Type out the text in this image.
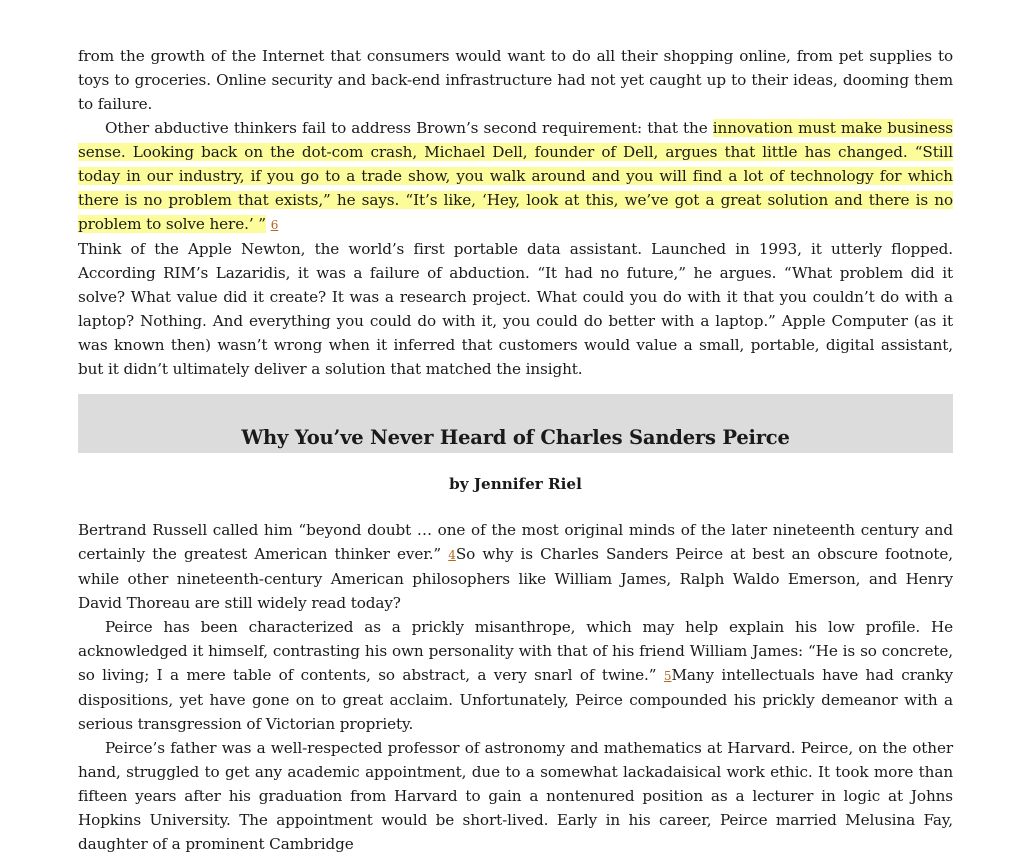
from the growth of the Internet that consumers would want to do all their shopping online, from pet supplies to toys to groceries. Online security and back-end infrastructure had not yet caught up to their ideas, dooming them to failure.

Other abductive thinkers fail to address Brown’s second requirement: that the innovation must make business sense. Looking back on the dot-com crash, Michael Dell, founder of Dell, argues that little has changed. “Still today in our industry, if you go to a trade show, you walk around and you will find a lot of technology for which there is no problem that exists,” he says. “It’s like, ‘Hey, look at this, we’ve got a great solution and there is no problem to solve here.’ ” 6
Think of the Apple Newton, the world’s first portable data assistant. Launched in 1993, it utterly flopped. According RIM’s Lazaridis, it was a failure of abduction. “It had no future,” he argues. “What problem did it solve? What value did it create? It was a research project. What could you do with it that you couldn’t do with a laptop? Nothing. And everything you could do with it, you could do better with a laptop.” Apple Computer (as it was known then) wasn’t wrong when it inferred that customers would value a small, portable, digital assistant, but it didn’t ultimately deliver a solution that matched the insight.

Why You’ve Never Heard of Charles Sanders Peirce
by Jennifer Riel

Bertrand Russell called him “beyond doubt … one of the most original minds of the later nineteenth century and certainly the greatest American thinker ever.” 4So why is Charles Sanders Peirce at best an obscure footnote, while other nineteenth-century American philosophers like William James, Ralph Waldo Emerson, and Henry David Thoreau are still widely read today?

Peirce has been characterized as a prickly misanthrope, which may help explain his low profile. He acknowledged it himself, contrasting his own personality with that of his friend William James: “He is so concrete, so living; I a mere table of contents, so abstract, a very snarl of twine.” 5Many intellectuals have had cranky dispositions, yet have gone on to great acclaim. Unfortunately, Peirce compounded his prickly demeanor with a serious transgression of Victorian propriety.

Peirce’s father was a well-respected professor of astronomy and mathematics at Harvard. Peirce, on the other hand, struggled to get any academic appointment, due to a somewhat lackadaisical work ethic. It took more than fifteen years after his graduation from Harvard to gain a nontenured position as a lecturer in logic at Johns Hopkins University. The appointment would be short-lived. Early in his career, Peirce married Melusina Fay, daughter of a prominent Cambridge
